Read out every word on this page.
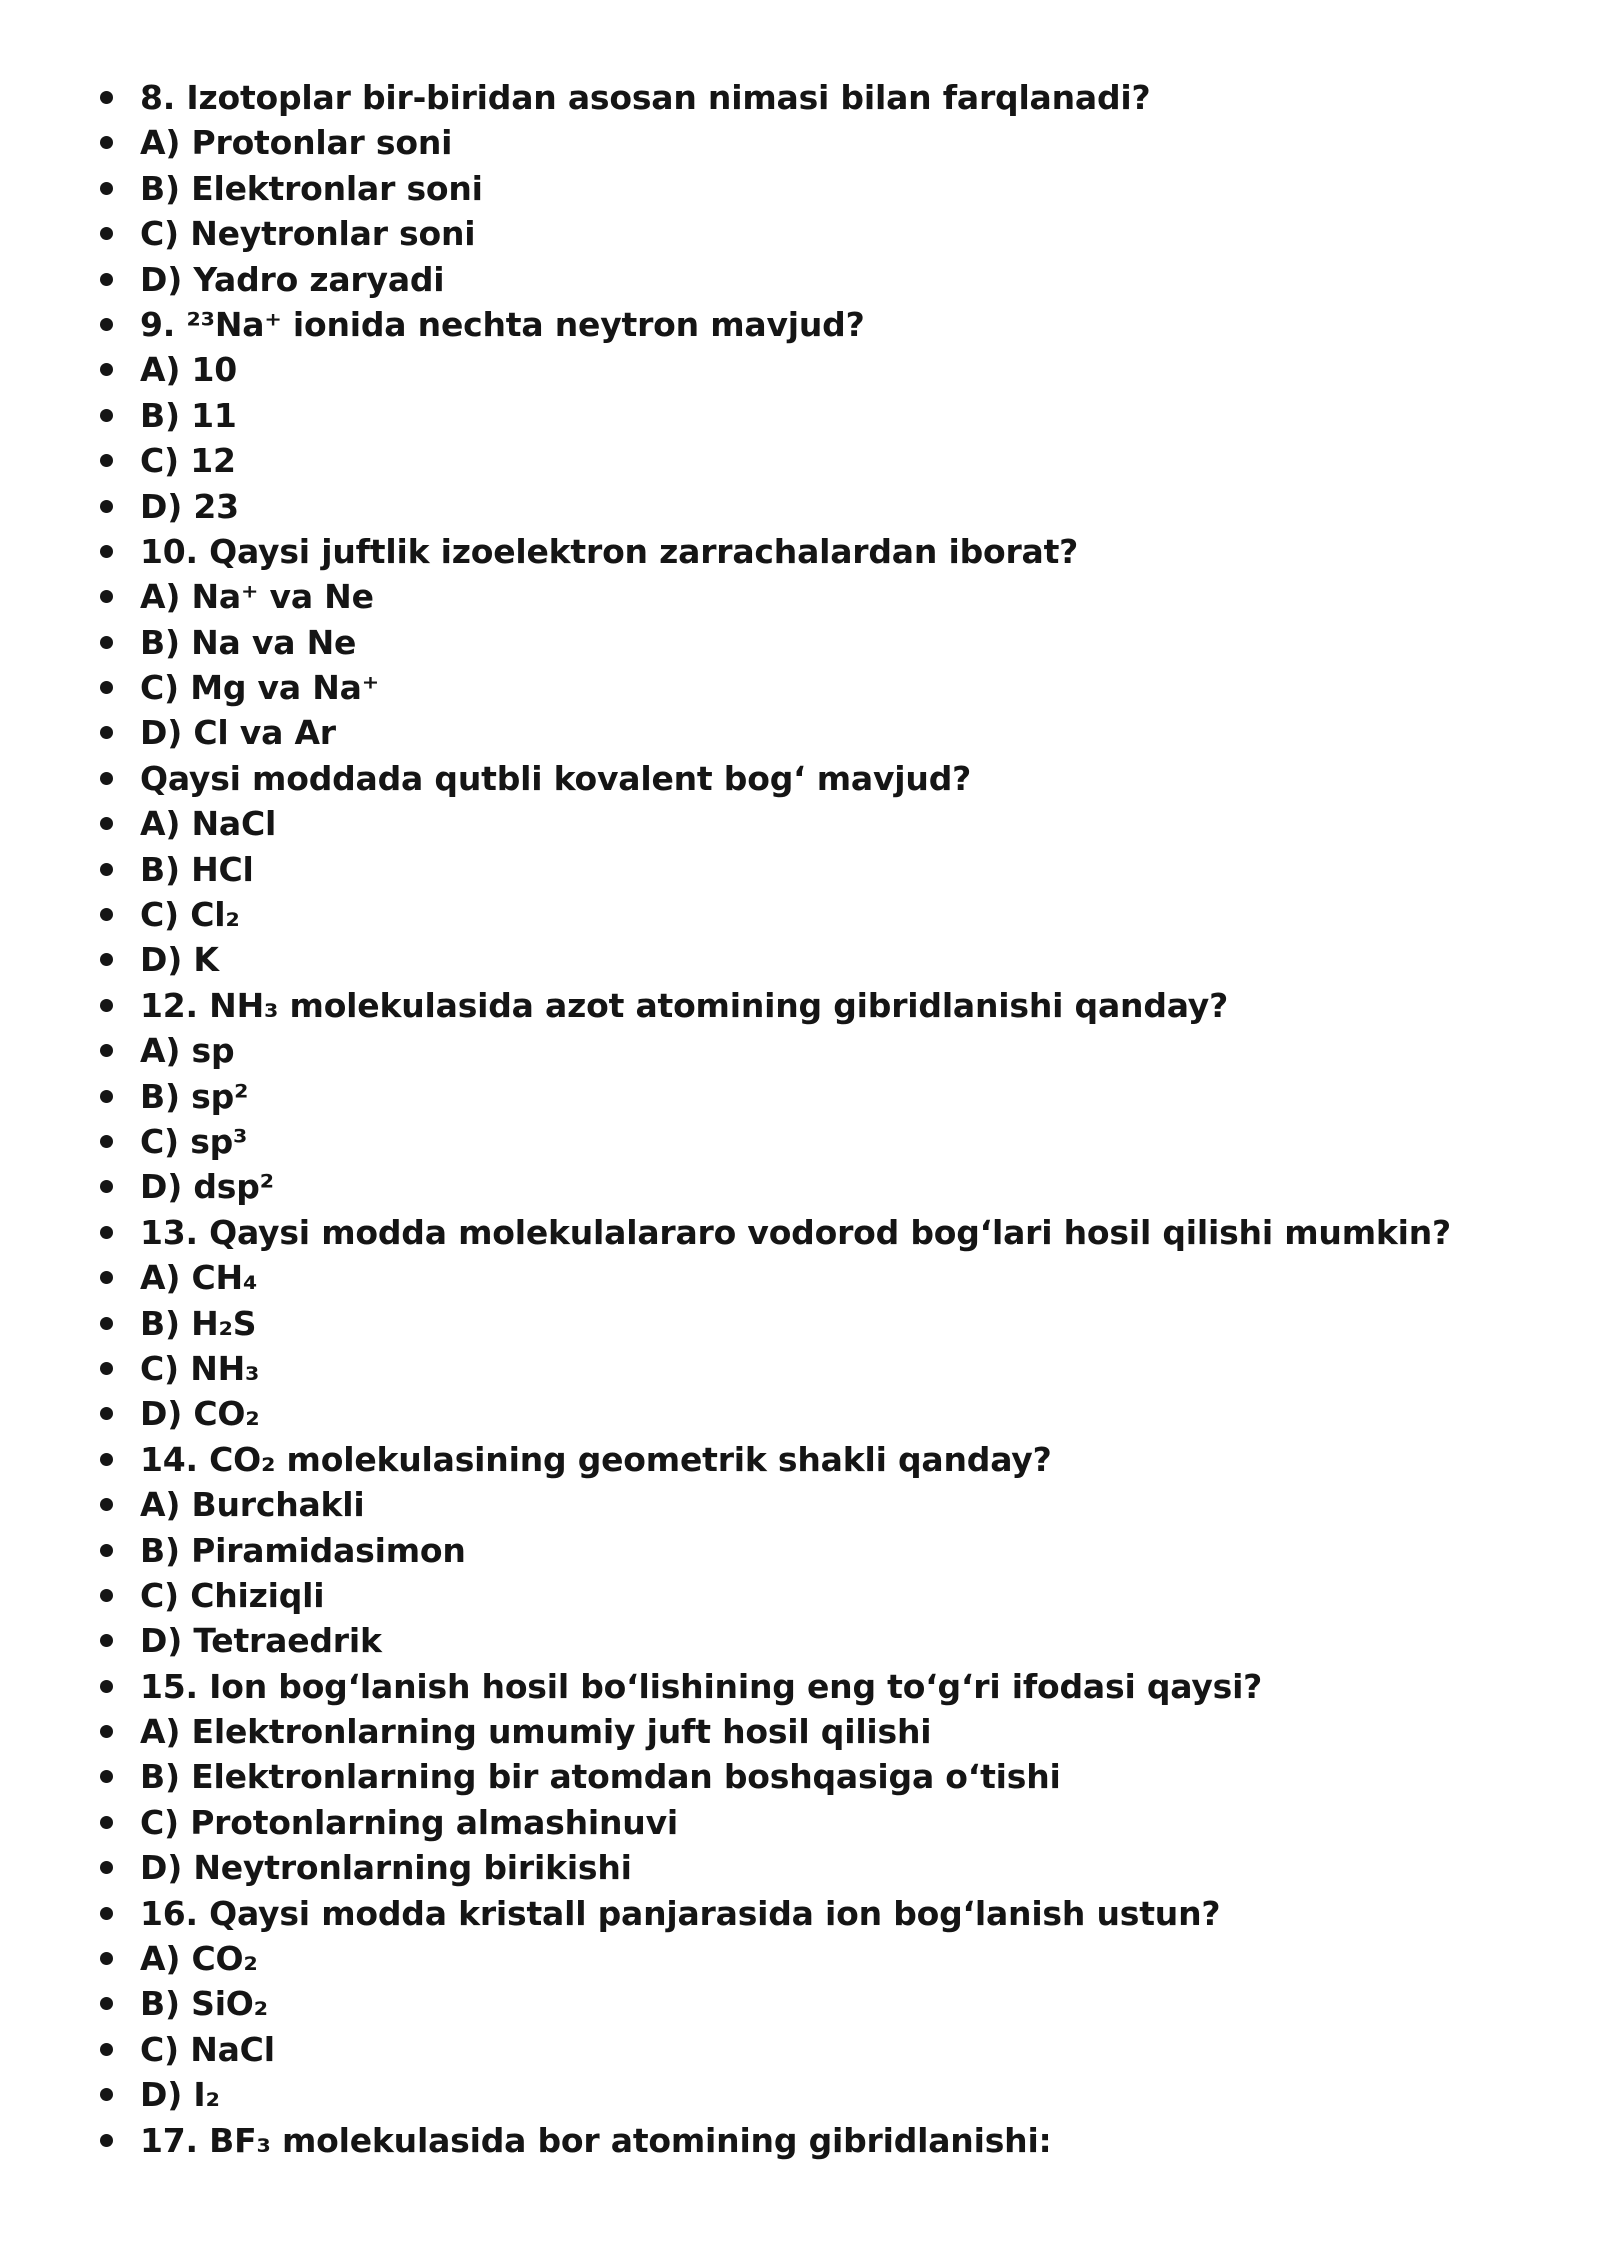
8. Izotoplar bir-biridan asosan nimasi bilan farqlanadi?
A) Protonlar soni
B) Elektronlar soni
C) Neytronlar soni
D) Yadro zaryadi
9. ²³Na⁺ ionida nechta neytron mavjud?
A) 10
B) 11
C) 12
D) 23
10. Qaysi juftlik izoelektron zarrachalardan iborat?
A) Na⁺ va Ne
B) Na va Ne
C) Mg va Na⁺
D) Cl va Ar
Qaysi moddada qutbli kovalent bog‘ mavjud?
A) NaCl
B) HCl
C) Cl₂
D) K
12. NH₃ molekulasida azot atomining gibridlanishi qanday?
A) sp
B) sp²
C) sp³
D) dsp²
13. Qaysi modda molekulalararo vodorod bog‘lari hosil qilishi mumkin?
A) CH₄
B) H₂S
C) NH₃
D) CO₂
14. CO₂ molekulasining geometrik shakli qanday?
A) Burchakli
B) Piramidasimon
C) Chiziqli
D) Tetraedrik
15. Ion bog‘lanish hosil bo‘lishining eng to‘g‘ri ifodasi qaysi?
A) Elektronlarning umumiy juft hosil qilishi
B) Elektronlarning bir atomdan boshqasiga o‘tishi
C) Protonlarning almashinuvi
D) Neytronlarning birikishi
16. Qaysi modda kristall panjarasida ion bog‘lanish ustun?
A) CO₂
B) SiO₂
C) NaCl
D) I₂
17. BF₃ molekulasida bor atomining gibridlanishi:
